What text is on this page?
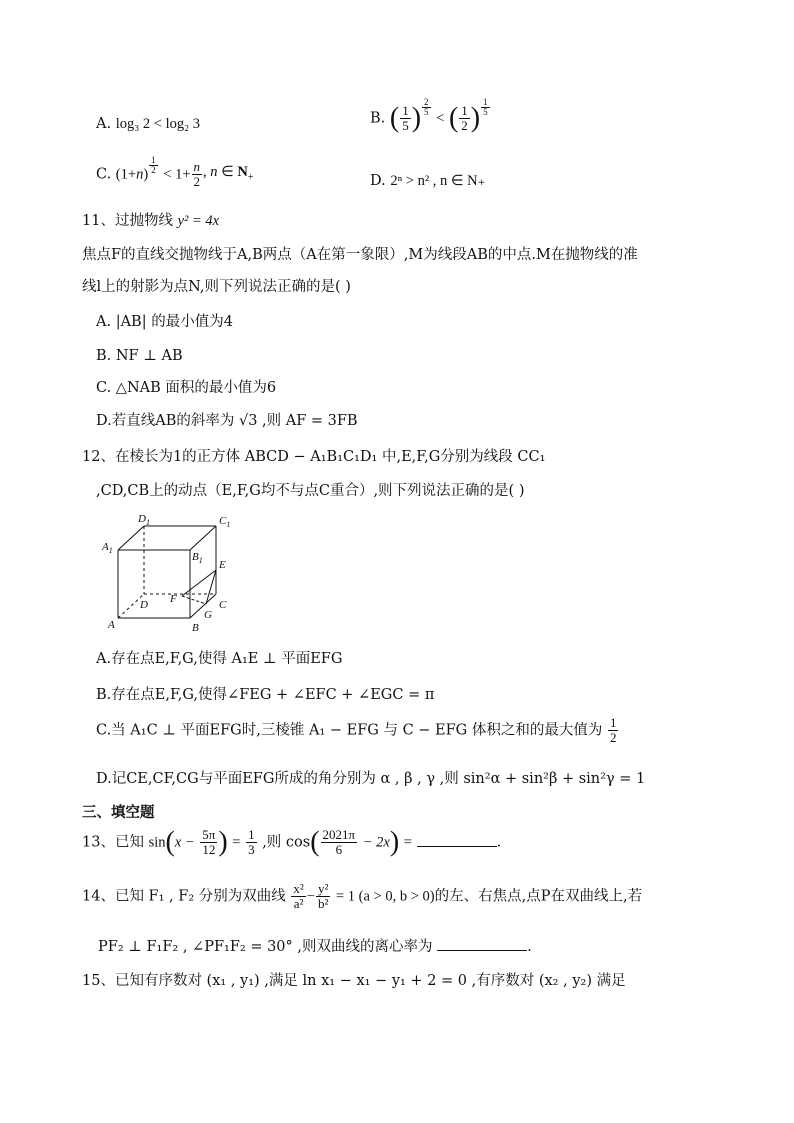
A. log₃ 2 < log₂ 3	B. ( $\frac{1}{5}$ ) $\frac{2}{5}$
< ( $\frac{1}{2}$ ) $\frac{1}{5}$
C. $(1+n) \frac{1}{2} < 1+ \frac{n}{2}$ , n ∈ $N_+$	D. 2ⁿ > n² , n ∈ N₊
11、过抛物线 y² = 4x
焦点F的直线交抛物线于A,B两点（A在第一象限）,M为线段AB的中点.M在抛物线的准
线l上的射影为点N,则下列说法正确的是( )
A. |AB| 的最小值为4
B. NF ⊥ AB
C. △NAB 面积的最小值为6
D.若直线AB的斜率为 √3 ,则 AF = 3FB
12、在棱长为1的正方体 ABCD − A₁B₁C₁D₁ 中,E,F,G分别为线段 CC₁
,CD,CB上的动点（E,F,G均不与点C重合）,则下列说法正确的是( )
$D_1$	$C_1$
$A_1$
$B_1$ E
D F	C
G
A	B
A.存在点E,F,G,使得 A₁E ⊥ 平面EFG
B.存在点E,F,G,使得∠FEG + ∠EFC + ∠EGC = π
C.当 A₁C ⊥ 平面EFG时,三棱锥 A₁ − EFG 与 C − EFG 体积之和的最大值为 $\frac{1}{2}$
D.记CE,CF,CG与平面EFG所成的角分别为 α , β , γ ,则 sin²α + sin²β + sin²γ = 1
三、填空题
13、已知 $\sin(x - \frac{5\pi}{12}$ ) = $\frac{1}{3}$ ,则 $\cos( \frac{2021\pi}{6} - 2x)$ =	.
14、已知 F₁ , F₂ 分别为双曲线 $\frac{\text{x²}}{\text{a²}} - \frac{\text{y²}}{\text{b²}} = 1$ (a > 0, b > 0)的左、右焦点,点P在双曲线上,若
PF₂ ⊥ F₁F₂ , ∠PF₁F₂ = 30° ,则双曲线的离心率为	.
15、已知有序数对 (x₁ , y₁) ,满足 ln x₁ − x₁ − y₁ + 2 = 0 ,有序数对 (x₂ , y₂) 满足
